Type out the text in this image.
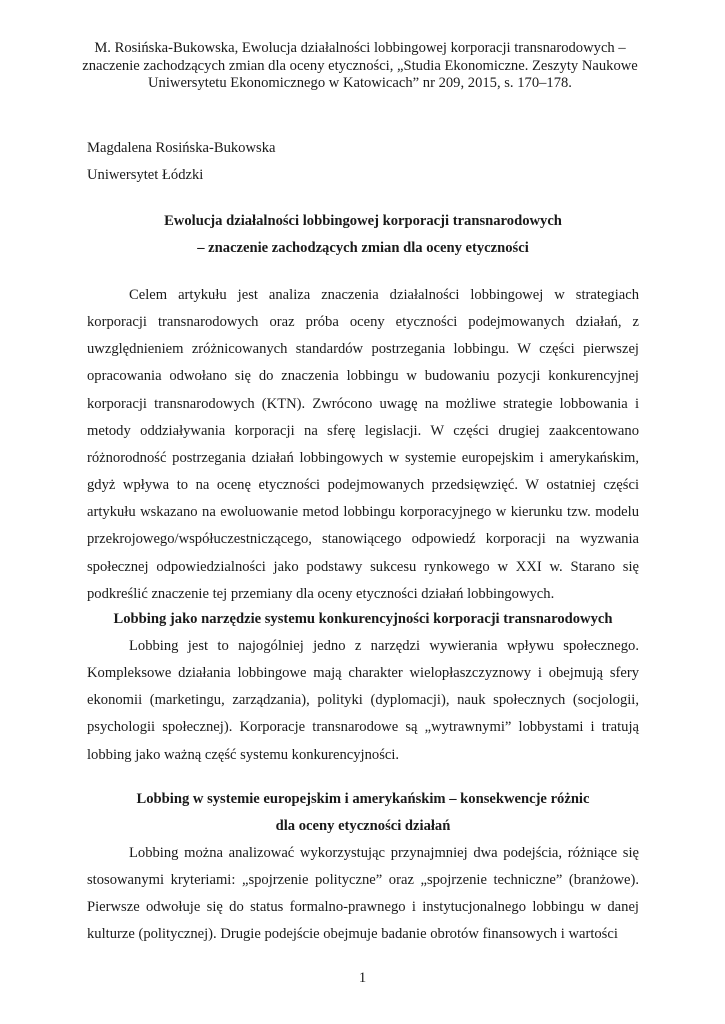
M. Rosińska-Bukowska, Ewolucja działalności lobbingowej korporacji transnarodowych – znaczenie zachodzących zmian dla oceny etyczności, „Studia Ekonomiczne. Zeszyty Naukowe Uniwersytetu Ekonomicznego w Katowicach” nr 209, 2015, s. 170–178.
Magdalena Rosińska-Bukowska
Uniwersytet Łódzki
Ewolucja działalności lobbingowej korporacji transnarodowych
– znaczenie zachodzących zmian dla oceny etyczności

Celem artykułu jest analiza znaczenia działalności lobbingowej w strategiach korporacji transnarodowych oraz próba oceny etyczności podejmowanych działań, z uwzględnieniem zróżnicowanych standardów postrzegania lobbingu. W części pierwszej opracowania odwołano się do znaczenia lobbingu w budowaniu pozycji konkurencyjnej korporacji transnarodowych (KTN). Zwrócono uwagę na możliwe strategie lobbowania i metody oddziaływania korporacji na sferę legislacji. W części drugiej zaakcentowano różnorodność postrzegania działań lobbingowych w systemie europejskim i amerykańskim, gdyż wpływa to na ocenę etyczności podejmowanych przedsięwzięć. W ostatniej części artykułu wskazano na ewoluowanie metod lobbingu korporacyjnego w kierunku tzw. modelu przekrojowego/współuczestniczącego, stanowiącego odpowiedź korporacji na wyzwania społecznej odpowiedzialności jako podstawy sukcesu rynkowego w XXI w. Starano się podkreślić znaczenie tej przemiany dla oceny etyczności działań lobbingowych.

Lobbing jako narzędzie systemu konkurencyjności korporacji transnarodowych

Lobbing jest to najogólniej jedno z narzędzi wywierania wpływu społecznego. Kompleksowe działania lobbingowe mają charakter wielopłaszczyznowy i obejmują sfery ekonomii (marketingu, zarządzania), polityki (dyplomacji), nauk społecznych (socjologii, psychologii społecznej). Korporacje transnarodowe są „wytrawnymi” lobbystami i tratują lobbing jako ważną część systemu konkurencyjności.

Lobbing w systemie europejskim i amerykańskim – konsekwencje różnic
dla oceny etyczności działań

Lobbing można analizować wykorzystując przynajmniej dwa podejścia, różniące się stosowanymi kryteriami: „spojrzenie polityczne” oraz „spojrzenie techniczne” (branżowe). Pierwsze odwołuje się do status formalno-prawnego i instytucjonalnego lobbingu w danej kulturze (politycznej). Drugie podejście obejmuje badanie obrotów finansowych i wartości

1
